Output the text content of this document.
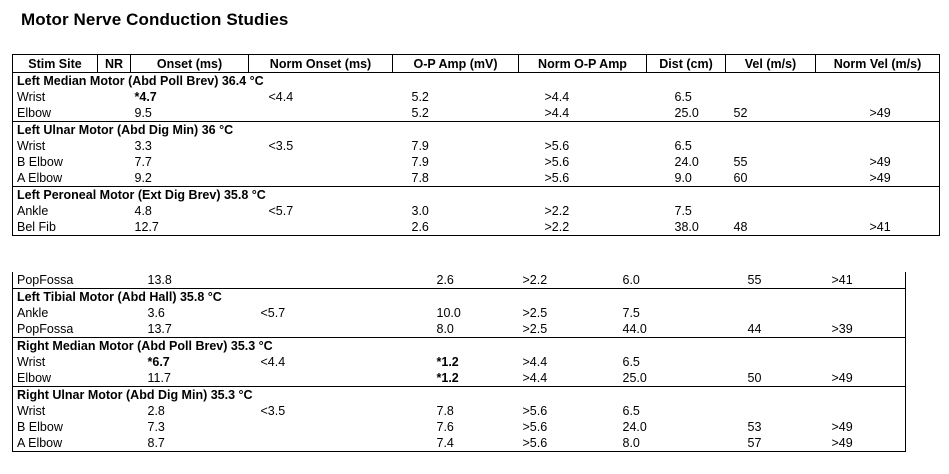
Motor Nerve Conduction Studies
Stim Site	NR	Onset (ms)	Norm Onset (ms)	O-P Amp (mV)	Norm O-P Amp	Dist (cm)	Vel (m/s)	Norm Vel (m/s)
Left Median Motor (Abd Poll Brev) 36.4 °C								
Wrist		*4.7	<4.4	5.2	>4.4	6.5		
Elbow		9.5		5.2	>4.4	25.0	52	>49
Left Ulnar Motor (Abd Dig Min) 36 °C								
Wrist		3.3	<3.5	7.9	>5.6	6.5		
B Elbow		7.7		7.9	>5.6	24.0	55	>49
A Elbow		9.2		7.8	>5.6	9.0	60	>49
Left Peroneal Motor (Ext Dig Brev) 35.8 °C								
Ankle		4.8	<5.7	3.0	>2.2	7.5		
Bel Fib		12.7		2.6	>2.2	38.0	48	>41
PopFossa	13.8		2.6	>2.2	6.0	55	>41
Left Tibial Motor (Abd Hall) 35.8 °C							
Ankle	3.6	<5.7	10.0	>2.5	7.5		
PopFossa	13.7		8.0	>2.5	44.0	44	>39
Right Median Motor (Abd Poll Brev) 35.3 °C							
Wrist	*6.7	<4.4	*1.2	>4.4	6.5		
Elbow	11.7		*1.2	>4.4	25.0	50	>49
Right Ulnar Motor (Abd Dig Min) 35.3 °C							
Wrist	2.8	<3.5	7.8	>5.6	6.5		
B Elbow	7.3		7.6	>5.6	24.0	53	>49
A Elbow	8.7		7.4	>5.6	8.0	57	>49
